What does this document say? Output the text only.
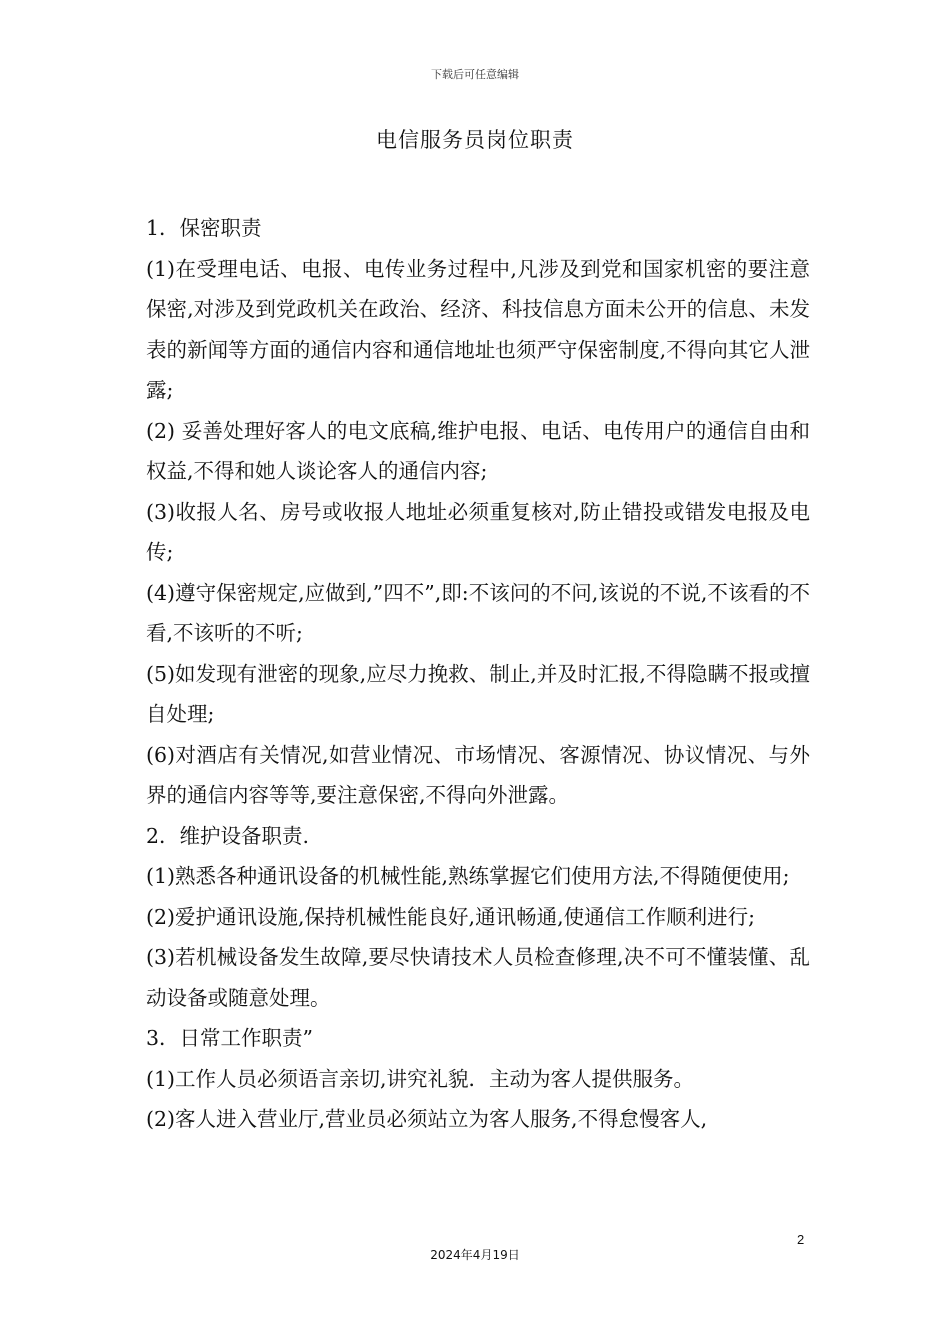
下载后可任意编辑
电信服务员岗位职责

1．保密职责

(1)在受理电话、电报、电传业务过程中,凡涉及到党和国家机密的要注意保密,对涉及到党政机关在政治、经济、科技信息方面未公开的信息、未发表的新闻等方面的通信内容和通信地址也须严守保密制度,不得向其它人泄露;

(2) 妥善处理好客人的电文底稿,维护电报、电话、电传用户的通信自由和权益,不得和她人谈论客人的通信内容;

(3)收报人名、房号或收报人地址必须重复核对,防止错投或错发电报及电传;

(4)遵守保密规定,应做到,”四不”,即:不该问的不问,该说的不说,不该看的不看,不该听的不听;

(5)如发现有泄密的现象,应尽力挽救、制止,并及时汇报,不得隐瞒不报或擅自处理;

(6)对酒店有关情况,如营业情况、市场情况、客源情况、协议情况、与外界的通信内容等等,要注意保密,不得向外泄露。

2．维护设备职责.

(1)熟悉各种通讯设备的机械性能,熟练掌握它们使用方法,不得随便使用;

(2)爱护通讯设施,保持机械性能良好,通讯畅通,使通信工作顺利进行;

(3)若机械设备发生故障,要尽快请技术人员检查修理,决不可不懂装懂、乱动设备或随意处理。

3．日常工作职责”

(1)工作人员必须语言亲切,讲究礼貌．主动为客人提供服务。

(2)客人进入营业厅,营业员必须站立为客人服务,不得怠慢客人,

2
2024年4月19日
